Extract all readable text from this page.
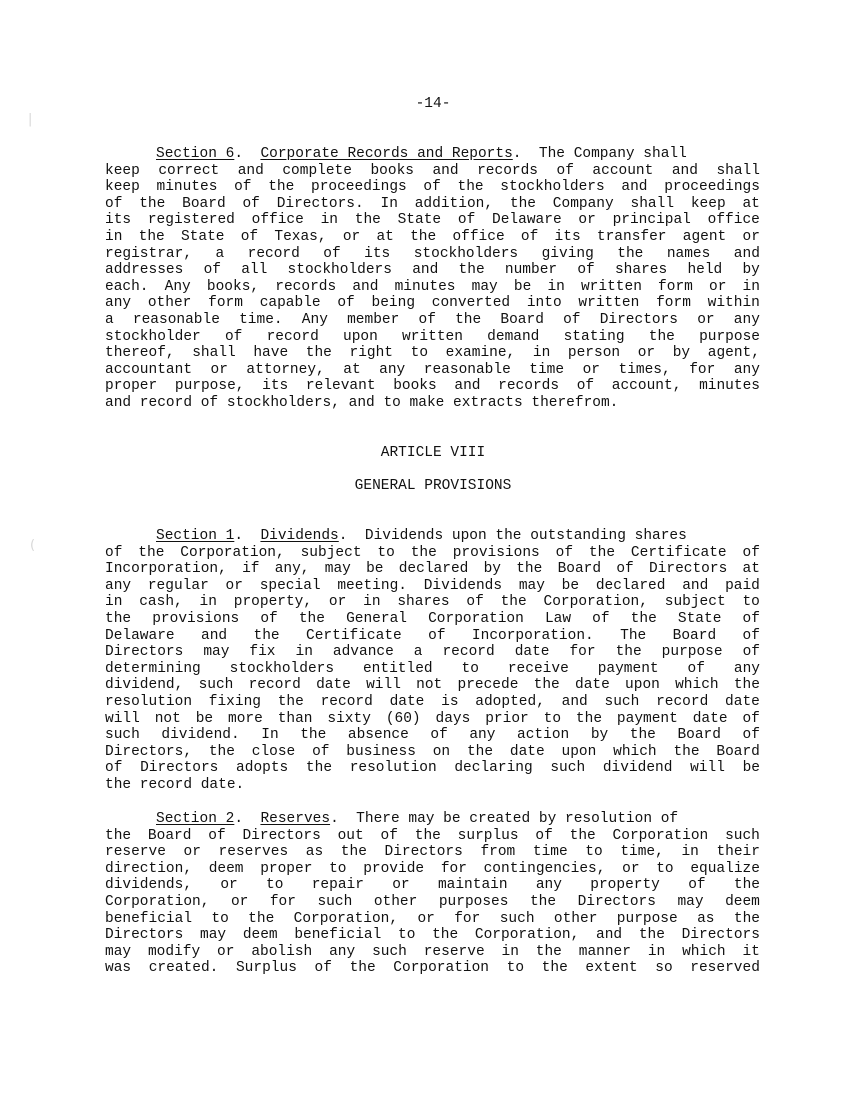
|
(
-14-
Section 6 . Corporate Records and Reports . The Company shall
keep correct and complete books and records of account and shall
keep minutes of the proceedings of the stockholders and proceedings
of the Board of Directors. In addition, the Company shall keep at
its registered office in the State of Delaware or principal office
in the State of Texas, or at the office of its transfer agent or
registrar, a record of its stockholders giving the names and
addresses of all stockholders and the number of shares held by
each. Any books, records and minutes may be in written form or in
any other form capable of being converted into written form within
a reasonable time. Any member of the Board of Directors or any
stockholder of record upon written demand stating the purpose
thereof, shall have the right to examine, in person or by agent,
accountant or attorney, at any reasonable time or times, for any
proper purpose, its relevant books and records of account, minutes
and record of stockholders, and to make extracts therefrom.
ARTICLE VIII
GENERAL PROVISIONS
Section 1 . Dividends . Dividends upon the outstanding shares
of the Corporation, subject to the provisions of the Certificate of
Incorporation, if any, may be declared by the Board of Directors at
any regular or special meeting. Dividends may be declared and paid
in cash, in property, or in shares of the Corporation, subject to
the provisions of the General Corporation Law of the State of
Delaware and the Certificate of Incorporation. The Board of
Directors may fix in advance a record date for the purpose of
determining stockholders entitled to receive payment of any
dividend, such record date will not precede the date upon which the
resolution fixing the record date is adopted, and such record date
will not be more than sixty (60) days prior to the payment date of
such dividend. In the absence of any action by the Board of
Directors, the close of business on the date upon which the Board
of Directors adopts the resolution declaring such dividend will be
the record date.
Section 2 . Reserves . There may be created by resolution of
the Board of Directors out of the surplus of the Corporation such
reserve or reserves as the Directors from time to time, in their
direction, deem proper to provide for contingencies, or to equalize
dividends, or to repair or maintain any property of the
Corporation, or for such other purposes the Directors may deem
beneficial to the Corporation, or for such other purpose as the
Directors may deem beneficial to the Corporation, and the Directors
may modify or abolish any such reserve in the manner in which it
was created. Surplus of the Corporation to the extent so reserved
